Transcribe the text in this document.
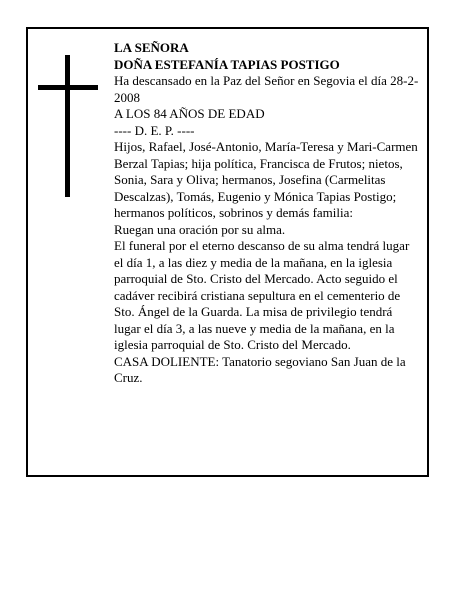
LA SEÑORA

DOÑA ESTEFANÍA TAPIAS POSTIGO

Ha descansado en la Paz del Señor en Segovia el día 28-2-2008

A LOS 84 AÑOS DE EDAD

---- D. E. P. ----

Hijos, Rafael, José-Antonio, María-Teresa y Mari-Carmen Berzal Tapias; hija política, Francisca de Frutos; nietos, Sonia, Sara y Oliva; hermanos, Josefina (Carmelitas Descalzas), Tomás, Eugenio y Mónica Tapias Postigo; hermanos políticos, sobrinos y demás familia:

Ruegan una oración por su alma.

El funeral por el eterno descanso de su alma tendrá lugar el día 1, a las diez y media de la mañana, en la iglesia parroquial de Sto. Cristo del Mercado. Acto seguido el cadáver recibirá cristiana sepultura en el cementerio de Sto. Ángel de la Guarda. La misa de privilegio tendrá lugar el día 3, a las nueve y media de la mañana, en la iglesia parroquial de Sto. Cristo del Mercado.

CASA DOLIENTE: Tanatorio segoviano San Juan de la Cruz.
